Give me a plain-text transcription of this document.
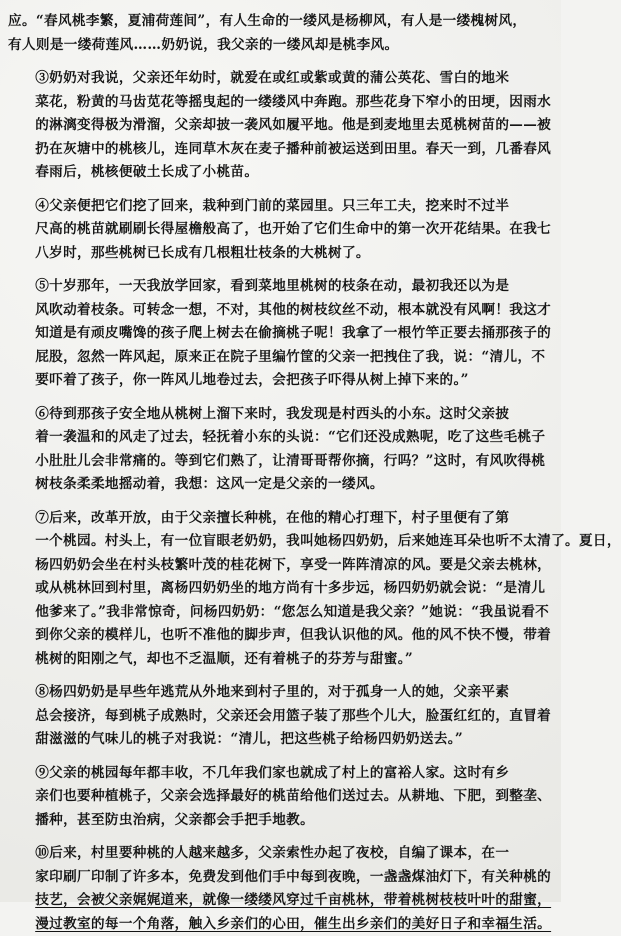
应。“春风桃李繁，夏浦荷莲间”，有人生命的一缕风是杨柳风，有人是一缕槐树风，
有人则是一缕荷莲风……奶奶说，我父亲的一缕风却是桃李风。
③奶奶对我说，父亲还年幼时，就爱在或红或紫或黄的蒲公英花、雪白的地米
菜花，粉黄的马齿苋花等摇曳起的一缕缕风中奔跑。那些花身下窄小的田埂，因雨水
的淋漓变得极为滑溜，父亲却披一袭风如履平地。他是到麦地里去觅桃树苗的——被
扔在灰塘中的桃核儿，连同草木灰在麦子播种前被运送到田里。春天一到，几番春风
春雨后，桃核便破土长成了小桃苗。
④父亲便把它们挖了回来，栽种到门前的菜园里。只三年工夫，挖来时不过半
尺高的桃苗就刷刷长得屋檐般高了，也开始了它们生命中的第一次开花结果。在我七
八岁时，那些桃树已长成有几根粗壮枝条的大桃树了。
⑤十岁那年，一天我放学回家，看到菜地里桃树的枝条在动，最初我还以为是
风吹动着枝条。可转念一想，不对，其他的树枝纹丝不动，根本就没有风啊！我这才
知道是有顽皮嘴馋的孩子爬上树去在偷摘桃子呢！我拿了一根竹竿正要去捅那孩子的
屁股，忽然一阵风起，原来正在院子里编竹筐的父亲一把拽住了我，说：“清儿，不
要吓着了孩子，你一阵风儿地卷过去，会把孩子吓得从树上掉下来的。”
⑥待到那孩子安全地从桃树上溜下来时，我发现是村西头的小东。这时父亲披
着一袭温和的风走了过去，轻抚着小东的头说：“它们还没成熟呢，吃了这些毛桃子
小肚肚儿会非常痛的。等到它们熟了，让清哥哥帮你摘，行吗？”这时，有风吹得桃
树枝条柔柔地摇动着，我想：这风一定是父亲的一缕风。
⑦后来，改革开放，由于父亲擅长种桃，在他的精心打理下，村子里便有了第
一个桃园。村头上，有一位盲眼老奶奶，我叫她杨四奶奶，后来她连耳朵也听不太清了。夏日，
杨四奶奶会坐在村头枝繁叶茂的桂花树下，享受一阵阵清凉的风。要是父亲去桃林，
或从桃林回到村里，离杨四奶奶坐的地方尚有十多步远，杨四奶奶就会说：“是清儿
他爹来了。”我非常惊奇，问杨四奶奶：“您怎么知道是我父亲？”她说：“我虽说看不
到你父亲的模样儿，也听不准他的脚步声，但我认识他的风。他的风不快不慢，带着
桃树的阳刚之气，却也不乏温顺，还有着桃子的芬芳与甜蜜。”
⑧杨四奶奶是早些年逃荒从外地来到村子里的，对于孤身一人的她，父亲平素
总会接济，每到桃子成熟时，父亲还会用篮子装了那些个儿大，脸蛋红红的，直冒着
甜滋滋的气味儿的桃子对我说：“清儿，把这些桃子给杨四奶奶送去。”
⑨父亲的桃园每年都丰收，不几年我们家也就成了村上的富裕人家。这时有乡
亲们也要种植桃子，父亲会选择最好的桃苗给他们送过去。从耕地、下肥，到整垄、
播种，甚至防虫治病，父亲都会手把手地教。
⑩后来，村里要种桃的人越来越多，父亲索性办起了夜校，自编了课本，在一
家印刷厂印制了许多本，免费发到他们手中每到夜晚，一盏盏煤油灯下，有关种桃的
技艺，会被父亲娓娓道来，就像一缕缕风穿过千亩桃林，带着桃树枝枝叶叶的甜蜜，
漫过教室的每一个角落，触入乡亲们的心田，催生出乡亲们的美好日子和幸福生活。
